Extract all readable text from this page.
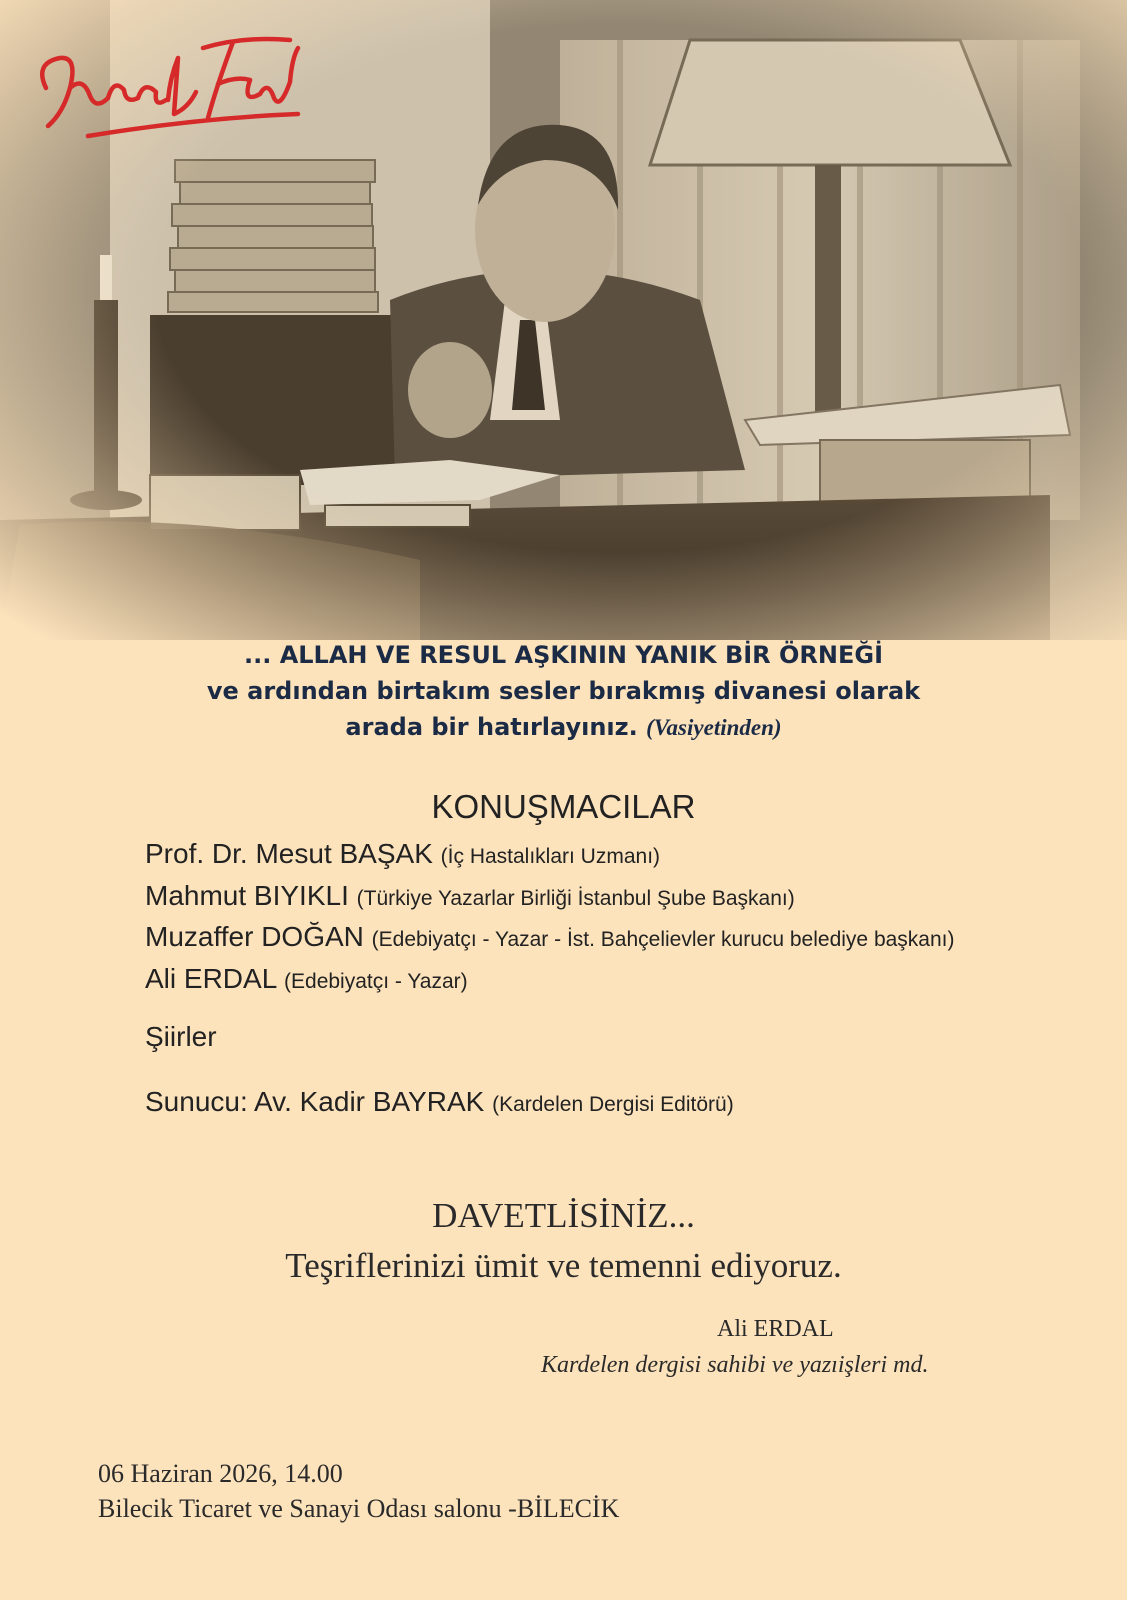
... ALLAH VE RESUL AŞKININ YANIK BİR ÖRNEĞİ
ve ardından birtakım sesler bırakmış divanesi olarak
arada bir hatırlayınız. (Vasiyetinden)
KONUŞMACILAR
Prof. Dr. Mesut BAŞAK (İç Hastalıkları Uzmanı)
Mahmut BIYIKLI (Türkiye Yazarlar Birliği İstanbul Şube Başkanı)
Muzaffer DOĞAN (Edebiyatçı - Yazar - İst. Bahçelievler kurucu belediye başkanı)
Ali ERDAL (Edebiyatçı - Yazar)
Şiirler
Sunucu: Av. Kadir BAYRAK (Kardelen Dergisi Editörü)
DAVETLİSİNİZ...
Teşriflerinizi ümit ve temenni ediyoruz.
Ali ERDAL
Kardelen dergisi sahibi ve yazıişleri md.
06 Haziran 2026, 14.00
Bilecik Ticaret ve Sanayi Odası salonu -BİLECİK
